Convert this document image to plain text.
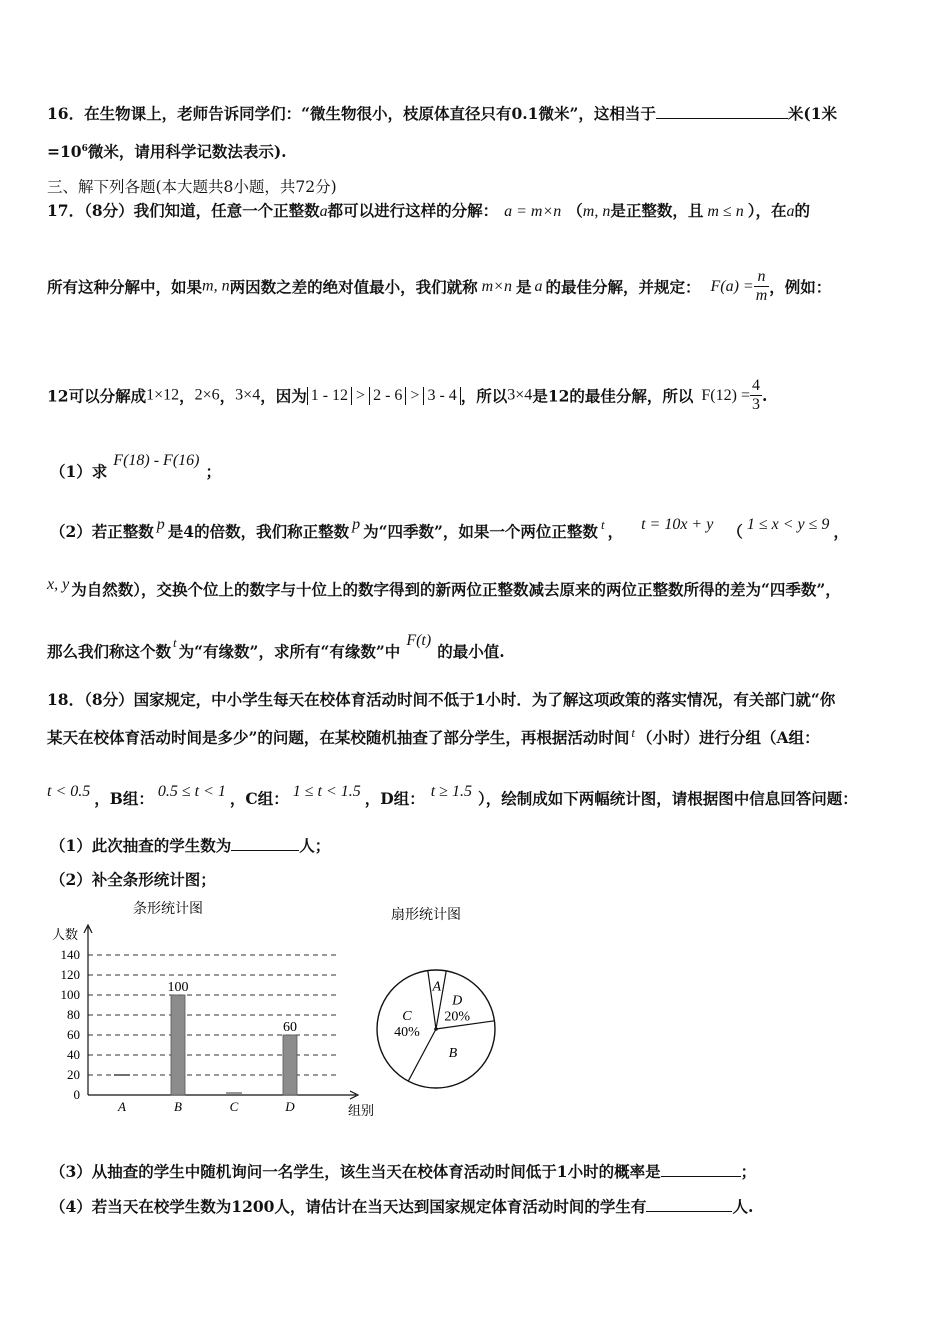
16．在生物课上，老师告诉同学们：“微生物很小，枝原体直径只有0.1微米”，这相当于	米(1米
$=10^6$微米，请用科学记数法表示).
三、解下列各题(本大题共8小题，共72分)
17．（8分）我们知道，任意一个正整数a都可以进行这样的分解： a = m×n （m, n是正整数，且 m ≤ n ），在a的
所有这种分解中，如果m, n两因数之差的绝对值最小，我们就称 m×n 是 a 的最佳分解，并规定： $F(a) = \frac{n}{m}$ ，例如：
12可以分解成1×12，2×6，3×4，因为 1 - 12 > 2 - 6 > 3 - 4 ，所以3×4是12的最佳分解，所以 $F(12) = \frac{4}{3}$ .
（1）求F(18) - F(16)；
（2）若正整数 p 是4的倍数，我们称正整数 p 为“四季数”，如果一个两位正整数 $^t$ ， t = 10x + y （ 1 ≤ x < y ≤ 9 ，
x, y 为自然数），交换个位上的数字与十位上的数字得到的新两位正整数减去原来的两位正整数所得的差为“四季数”，
那么我们称这个数 $^t$ 为“有缘数”，求所有“有缘数”中F(t)的最小值.
18．（8分）国家规定，中小学生每天在校体育活动时间不低于1小时．为了解这项政策的落实情况，有关部门就“你
某天在校体育活动时间是多少”的问题，在某校随机抽查了部分学生，再根据活动时间 $^t$ （小时）进行分组（A组：
t < 0.5 ，B组： 0.5 ≤ t < 1 ，C组： 1 ≤ t < 1.5 ，D组： t ≥ 1.5 ），绘制成如下两幅统计图，请根据图中信息回答问题：
（1）此次抽查的学生数为	人；
（2）补全条形统计图；
条形统计图
人数
0
20
40
60
80
100
120
140
组别
A	B
100
C	D
60
扇形统计图
A
D
20%
B
C
40%
（3）从抽查的学生中随机询问一名学生，该生当天在校体育活动时间低于1小时的概率是	；
（4）若当天在校学生数为1200人，请估计在当天达到国家规定体育活动时间的学生有	人.
